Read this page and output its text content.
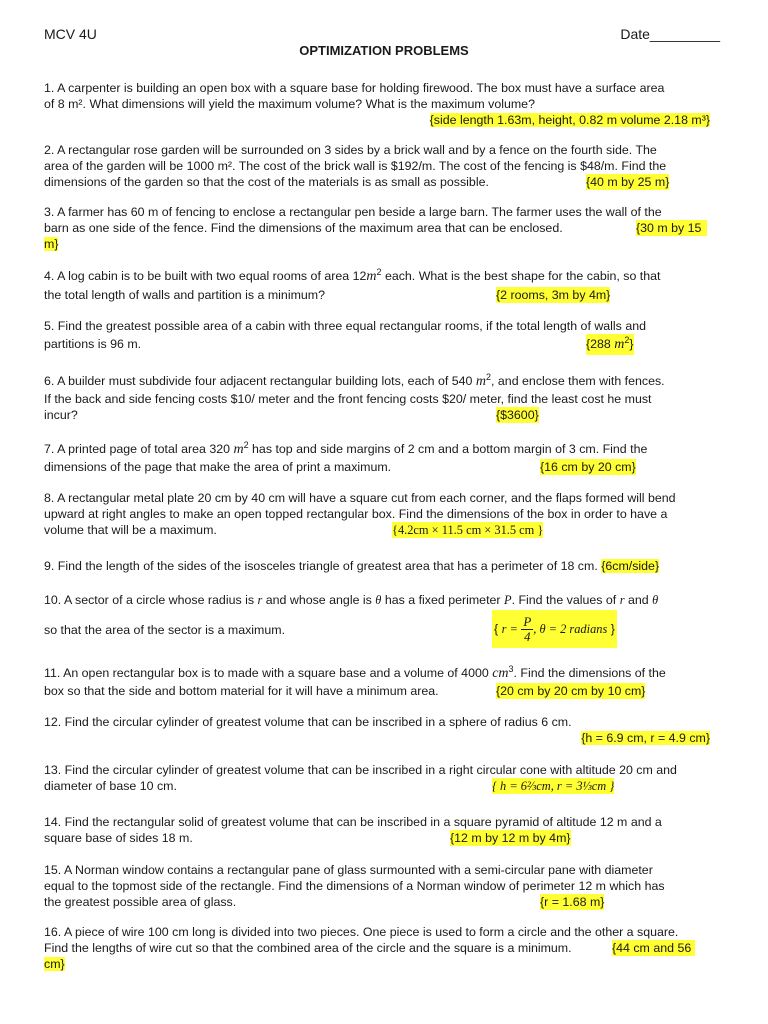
MCV 4U	Date_________
OPTIMIZATION PROBLEMS
1. A carpenter is building an open box with a square base for holding firewood. The box must have a surface area
of 8 m². What dimensions will yield the maximum volume? What is the maximum volume?
{side length 1.63m, height, 0.82 m volume 2.18 m³}
2. A rectangular rose garden will be surrounded on 3 sides by a brick wall and by a fence on the fourth side. The
area of the garden will be 1000 m². The cost of the brick wall is $192/m. The cost of the fencing is $48/m. Find the
dimensions of the garden so that the cost of the materials is as small as possible.	{40 m by 25 m}
3. A farmer has 60 m of fencing to enclose a rectangular pen beside a large barn. The farmer uses the wall of the
barn as one side of the fence. Find the dimensions of the maximum area that can be enclosed.	{30 m by 15
m}
4. A log cabin is to be built with two equal rooms of area $12m^2$ each. What is the best shape for the cabin, so that
the total length of walls and partition is a minimum?	{2 rooms, 3m by 4m}
5. Find the greatest possible area of a cabin with three equal rectangular rooms, if the total length of walls and
partitions is 96 m.	{288 $m^2$}
6. A builder must subdivide four adjacent rectangular building lots, each of 540 $m^2$, and enclose them with fences.
If the back and side fencing costs $10/ meter and the front fencing costs $20/ meter, find the least cost he must
incur?	{$3600}
7. A printed page of total area 320 $m^2$ has top and side margins of 2 cm and a bottom margin of 3 cm. Find the
dimensions of the page that make the area of print a maximum.	{16 cm by 20 cm}
8. A rectangular metal plate 20 cm by 40 cm will have a square cut from each corner, and the flaps formed will bend
upward at right angles to make an open topped rectangular box. Find the dimensions of the box in order to have a
volume that will be a maximum.	{4.2cm × 11.5 cm × 31.5 cm }
9. Find the length of the sides of the isosceles triangle of greatest area that has a perimeter of 18 cm. {6cm/side}
10. A sector of a circle whose radius is r and whose angle is θ has a fixed perimeter P. Find the values of r and θ
so that the area of the sector is a maximum.	{ $r = \frac{P}{4}$ , θ = 2 radians }
11. An open rectangular box is to made with a square base and a volume of 4000 $cm^3$. Find the dimensions of the
box so that the side and bottom material for it will have a minimum area.	{20 cm by 20 cm by 10 cm}
12. Find the circular cylinder of greatest volume that can be inscribed in a sphere of radius 6 cm.
{h = 6.9 cm, r = 4.9 cm}
13. Find the circular cylinder of greatest volume that can be inscribed in a right circular cone with altitude 20 cm and
diameter of base 10 cm.	{ h = 6⅔cm, r = 3⅓cm }
14. Find the rectangular solid of greatest volume that can be inscribed in a square pyramid of altitude 12 m and a
square base of sides 18 m.	{12 m by 12 m by 4m}
15. A Norman window contains a rectangular pane of glass surmounted with a semi-circular pane with diameter
equal to the topmost side of the rectangle. Find the dimensions of a Norman window of perimeter 12 m which has
the greatest possible area of glass.	{r = 1.68 m}
16. A piece of wire 100 cm long is divided into two pieces. One piece is used to form a circle and the other a square.
Find the lengths of wire cut so that the combined area of the circle and the square is a minimum.	{44 cm and 56
cm}
